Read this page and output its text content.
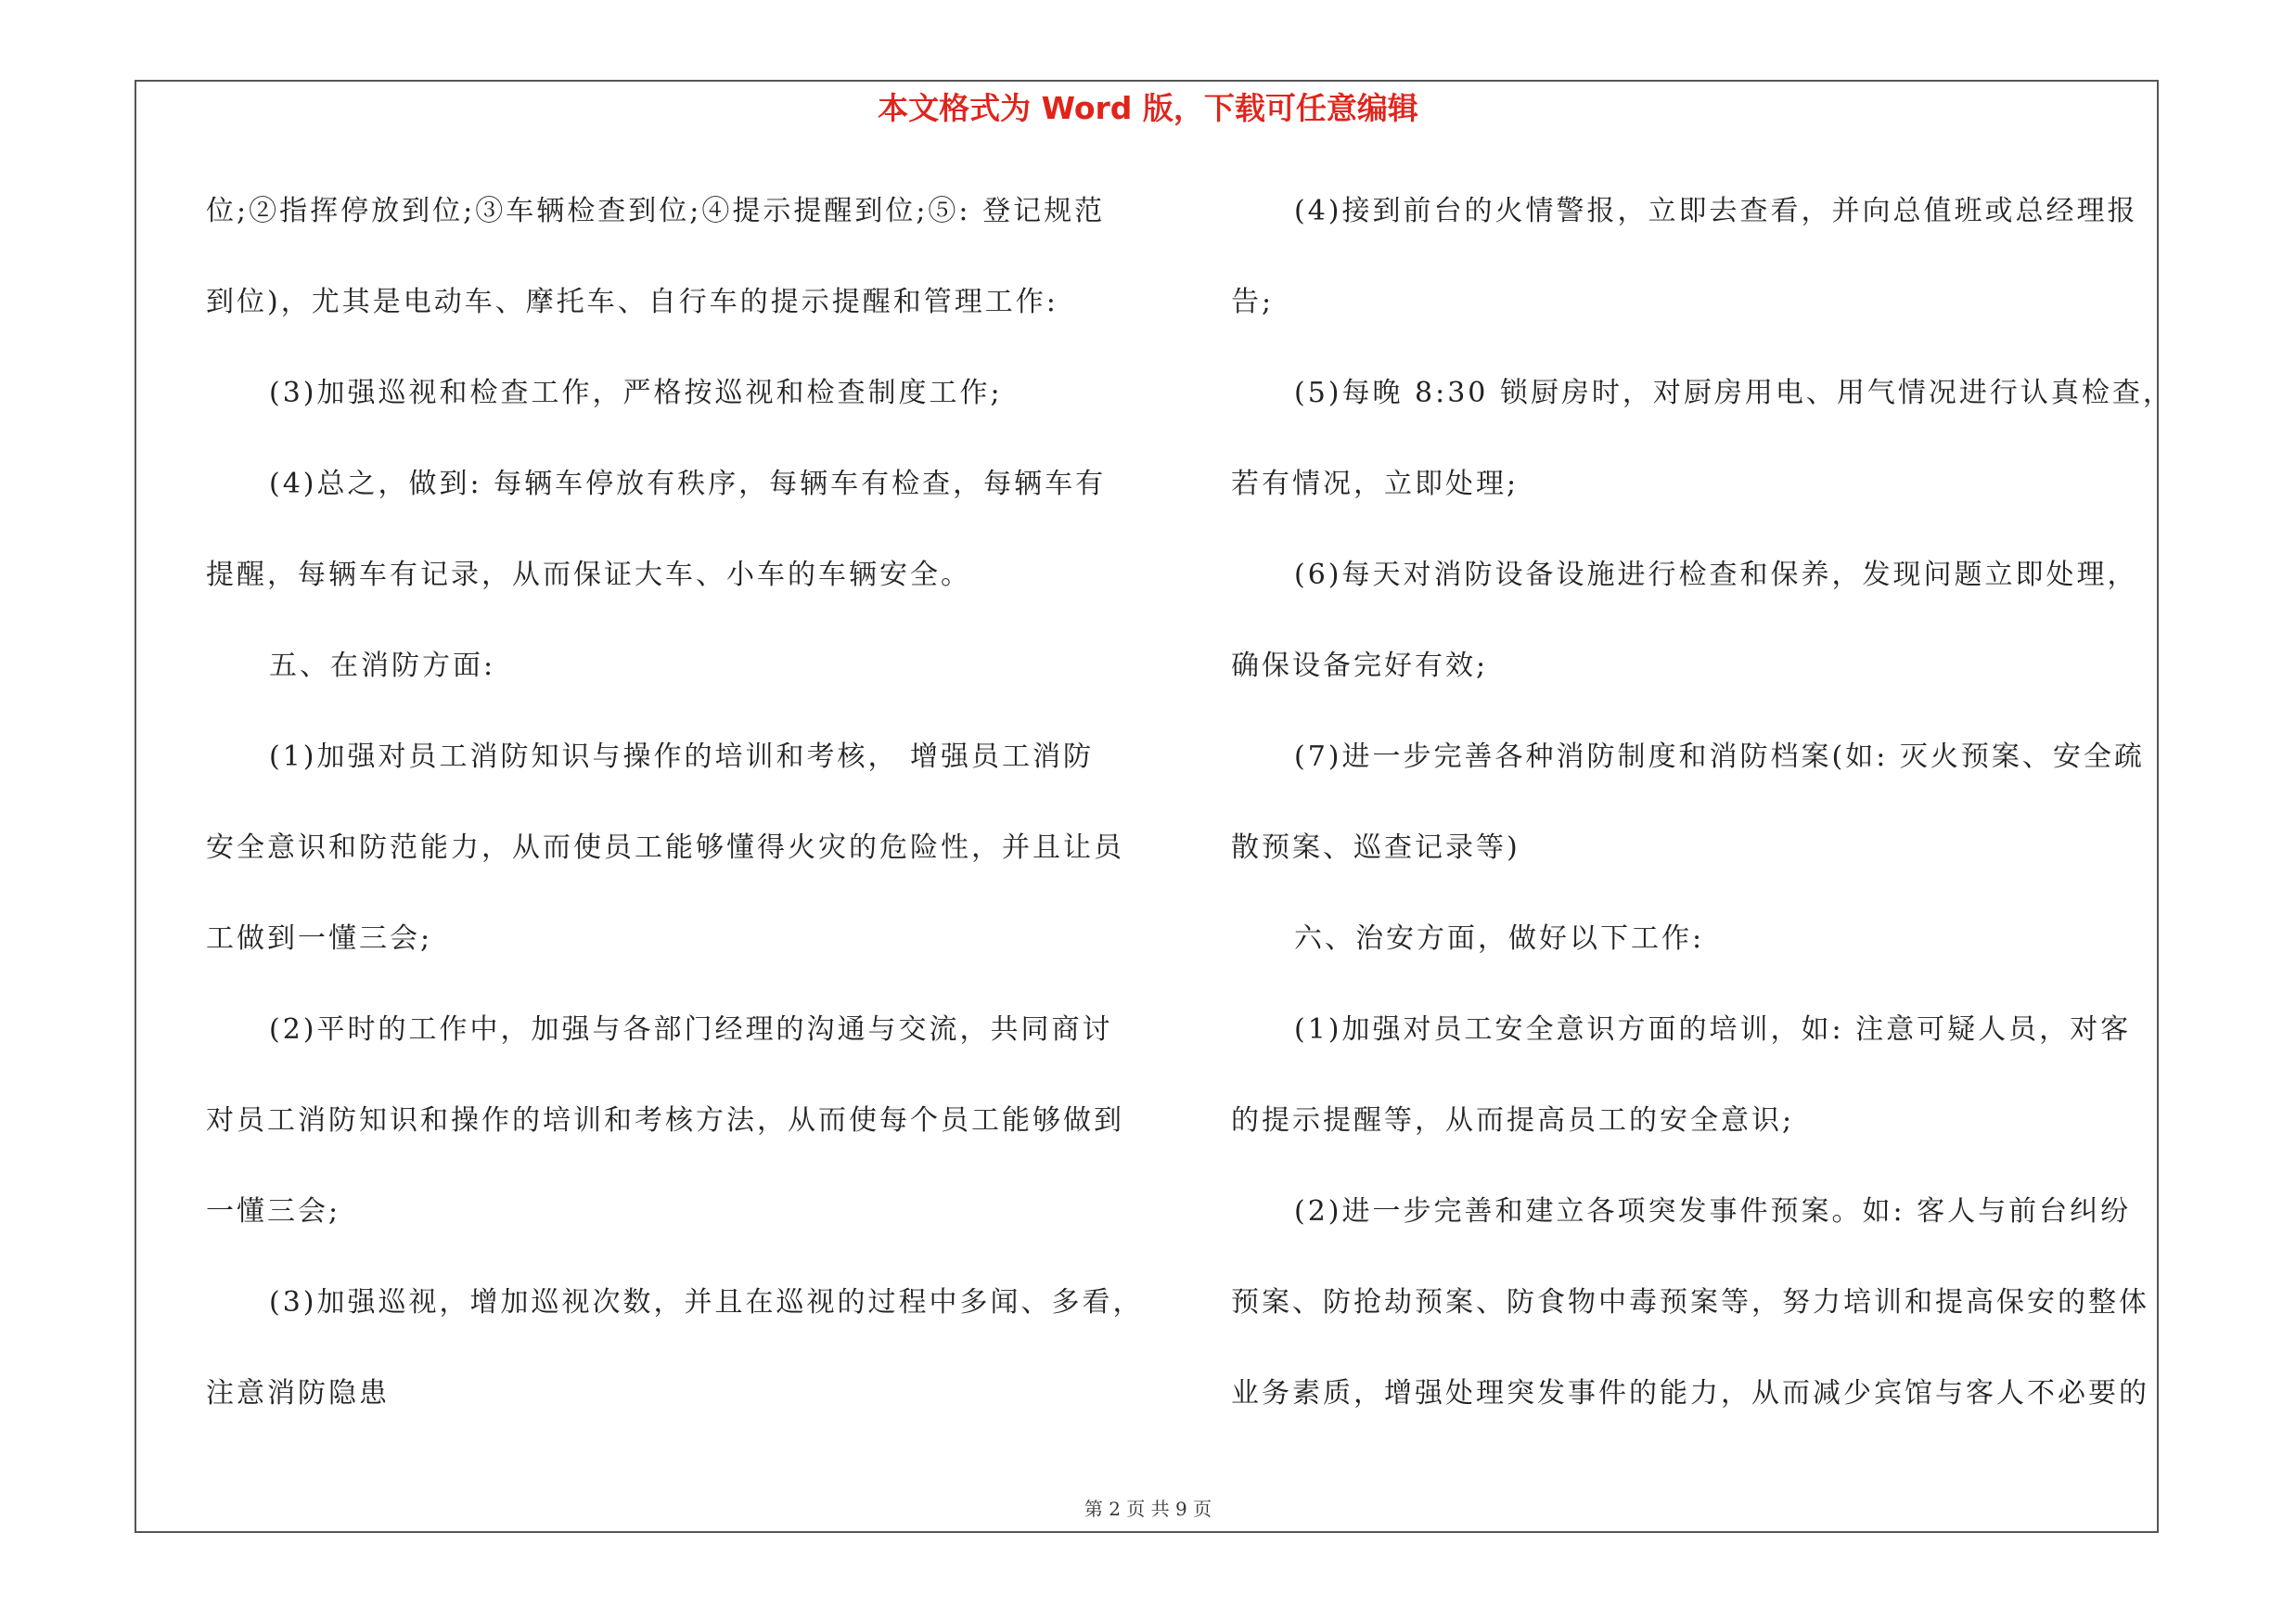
本文格式为 Word 版，下载可任意编辑
位;②指挥停放到位;③车辆检查到位;④提示提醒到位;⑤: 登记规范
到位)，尤其是电动车、摩托车、自行车的提示提醒和管理工作:
(3)加强巡视和检查工作，严格按巡视和检查制度工作;
(4)总之，做到: 每辆车停放有秩序，每辆车有检查，每辆车有
提醒，每辆车有记录，从而保证大车、小车的车辆安全。
五、在消防方面:
(1)加强对员工消防知识与操作的培训和考核， 增强员工消防
安全意识和防范能力，从而使员工能够懂得火灾的危险性，并且让员
工做到一懂三会;
(2)平时的工作中，加强与各部门经理的沟通与交流，共同商讨
对员工消防知识和操作的培训和考核方法，从而使每个员工能够做到
一懂三会;
(3)加强巡视，增加巡视次数，并且在巡视的过程中多闻、多看，
注意消防隐患
(4)接到前台的火情警报，立即去查看，并向总值班或总经理报
告;
(5)每晚 8:30 锁厨房时，对厨房用电、用气情况进行认真检查，
若有情况，立即处理;
(6)每天对消防设备设施进行检查和保养，发现问题立即处理，
确保设备完好有效;
(7)进一步完善各种消防制度和消防档案(如: 灭火预案、安全疏
散预案、巡查记录等)
六、治安方面，做好以下工作:
(1)加强对员工安全意识方面的培训，如: 注意可疑人员，对客
的提示提醒等，从而提高员工的安全意识;
(2)进一步完善和建立各项突发事件预案。如: 客人与前台纠纷
预案、防抢劫预案、防食物中毒预案等，努力培训和提高保安的整体
业务素质，增强处理突发事件的能力，从而减少宾馆与客人不必要的
第 2 页 共 9 页
